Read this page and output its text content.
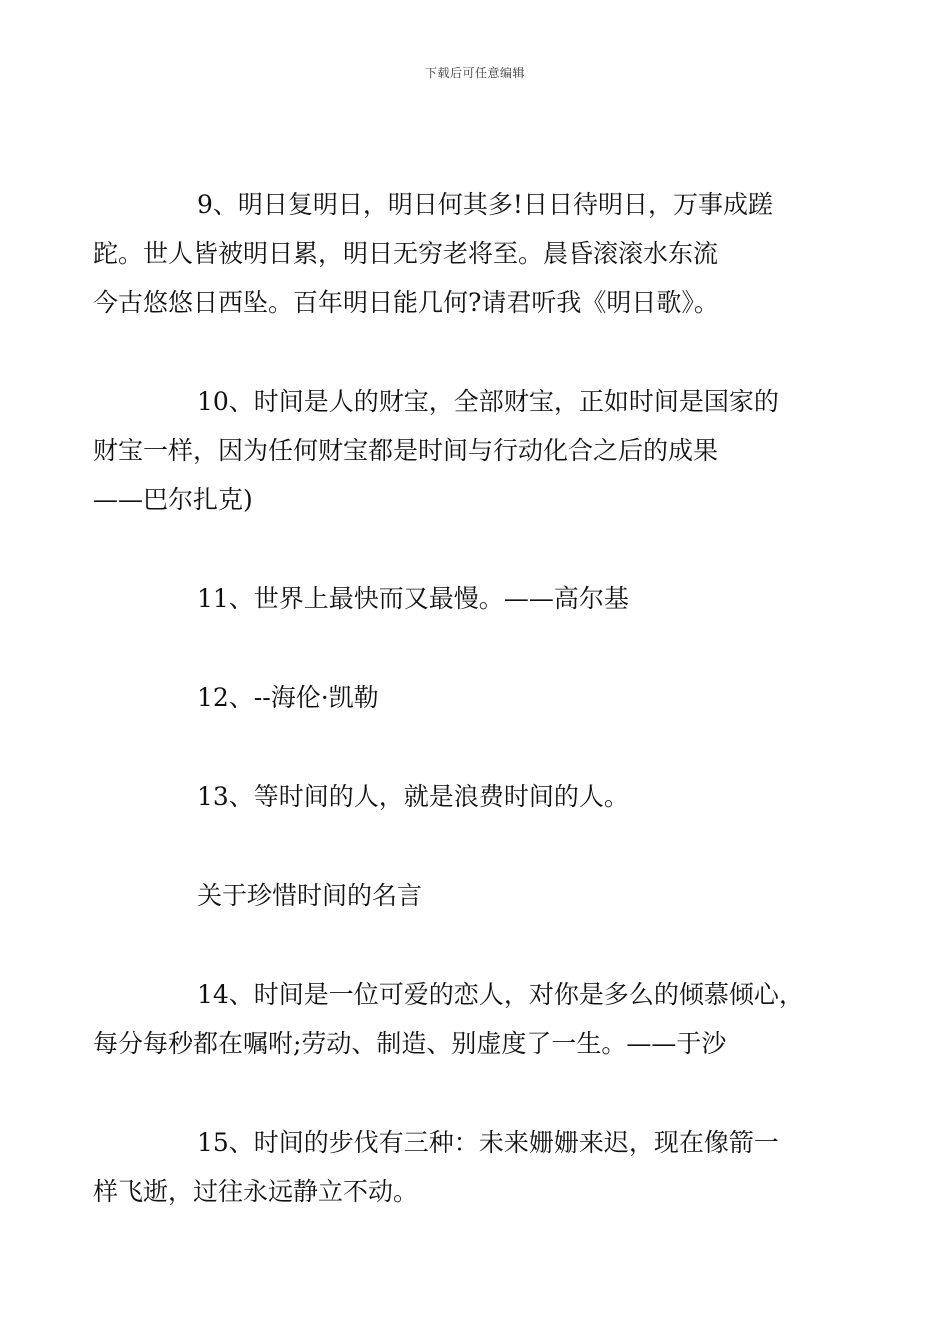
下载后可任意编辑
9、明日复明日，明日何其多!日日待明日，万事成蹉
跎。世人皆被明日累，明日无穷老将至。晨昏滚滚水东流
今古悠悠日西坠。百年明日能几何?请君听我《明日歌》。
10、时间是人的财宝，全部财宝，正如时间是国家的
财宝一样，因为任何财宝都是时间与行动化合之后的成果
——巴尔扎克)
11、世界上最快而又最慢。——高尔基
12、--海伦·凯勒
13、等时间的人，就是浪费时间的人。
关于珍惜时间的名言
14、时间是一位可爱的恋人，对你是多么的倾慕倾心，
每分每秒都在嘱咐;劳动、制造、别虚度了一生。——于沙
15、时间的步伐有三种：未来姗姗来迟，现在像箭一
样飞逝，过往永远静立不动。
